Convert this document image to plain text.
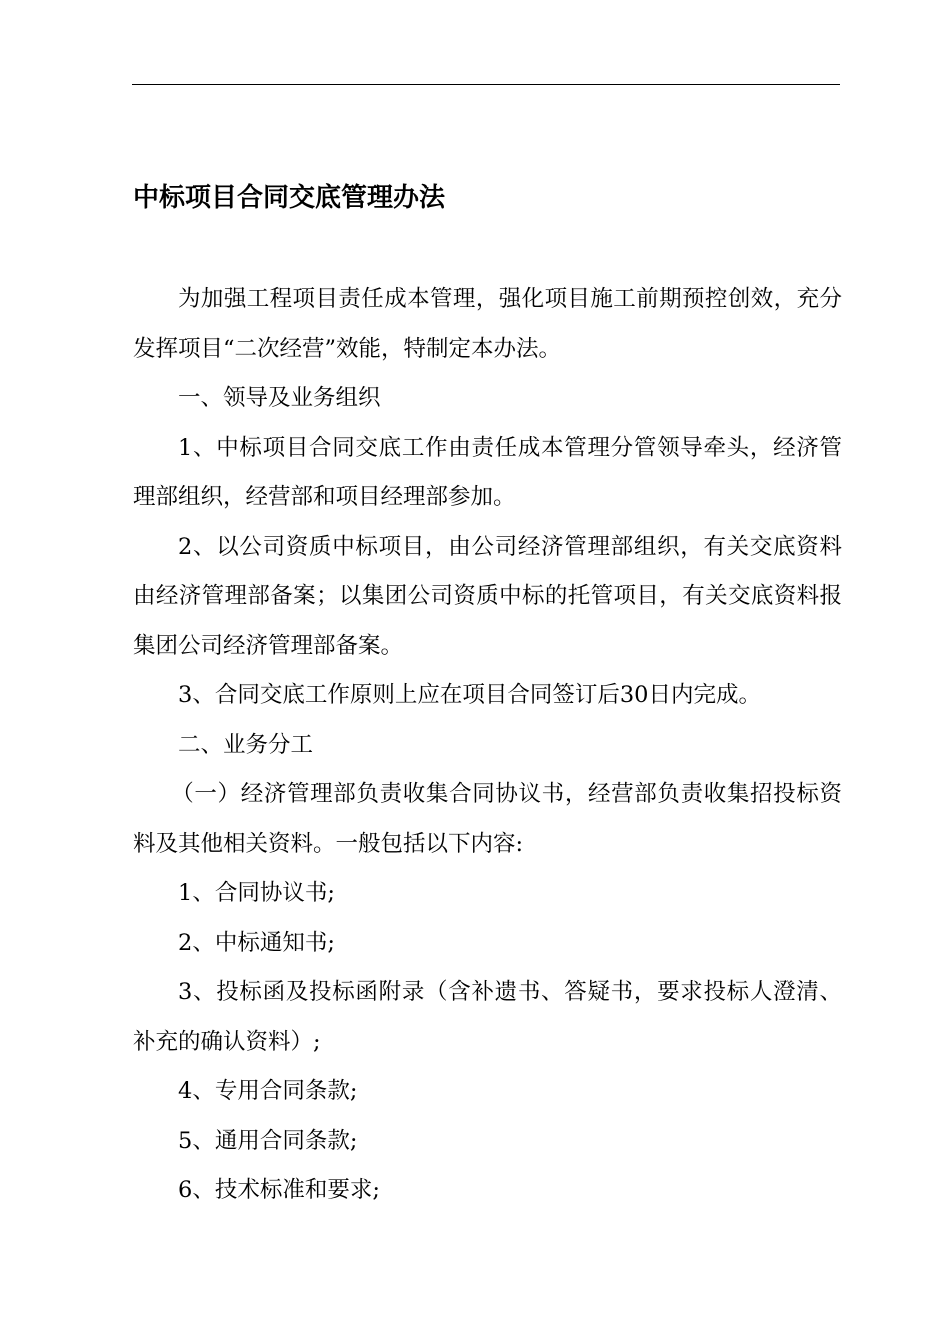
中标项目合同交底管理办法

为加强工程项目责任成本管理，强化项目施工前期预控创效，充分发挥项目“二次经营”效能，特制定本办法。

一、领导及业务组织

1、中标项目合同交底工作由责任成本管理分管领导牵头，经济管理部组织，经营部和项目经理部参加。

2、以公司资质中标项目，由公司经济管理部组织，有关交底资料由经济管理部备案；以集团公司资质中标的托管项目，有关交底资料报集团公司经济管理部备案。

3、合同交底工作原则上应在项目合同签订后30日内完成。

二、业务分工

（一）经济管理部负责收集合同协议书，经营部负责收集招投标资料及其他相关资料。一般包括以下内容:

1、合同协议书;

2、中标通知书;

3、投标函及投标函附录（含补遗书、答疑书，要求投标人澄清、补充的确认资料）;

4、专用合同条款;

5、通用合同条款;

6、技术标准和要求;
